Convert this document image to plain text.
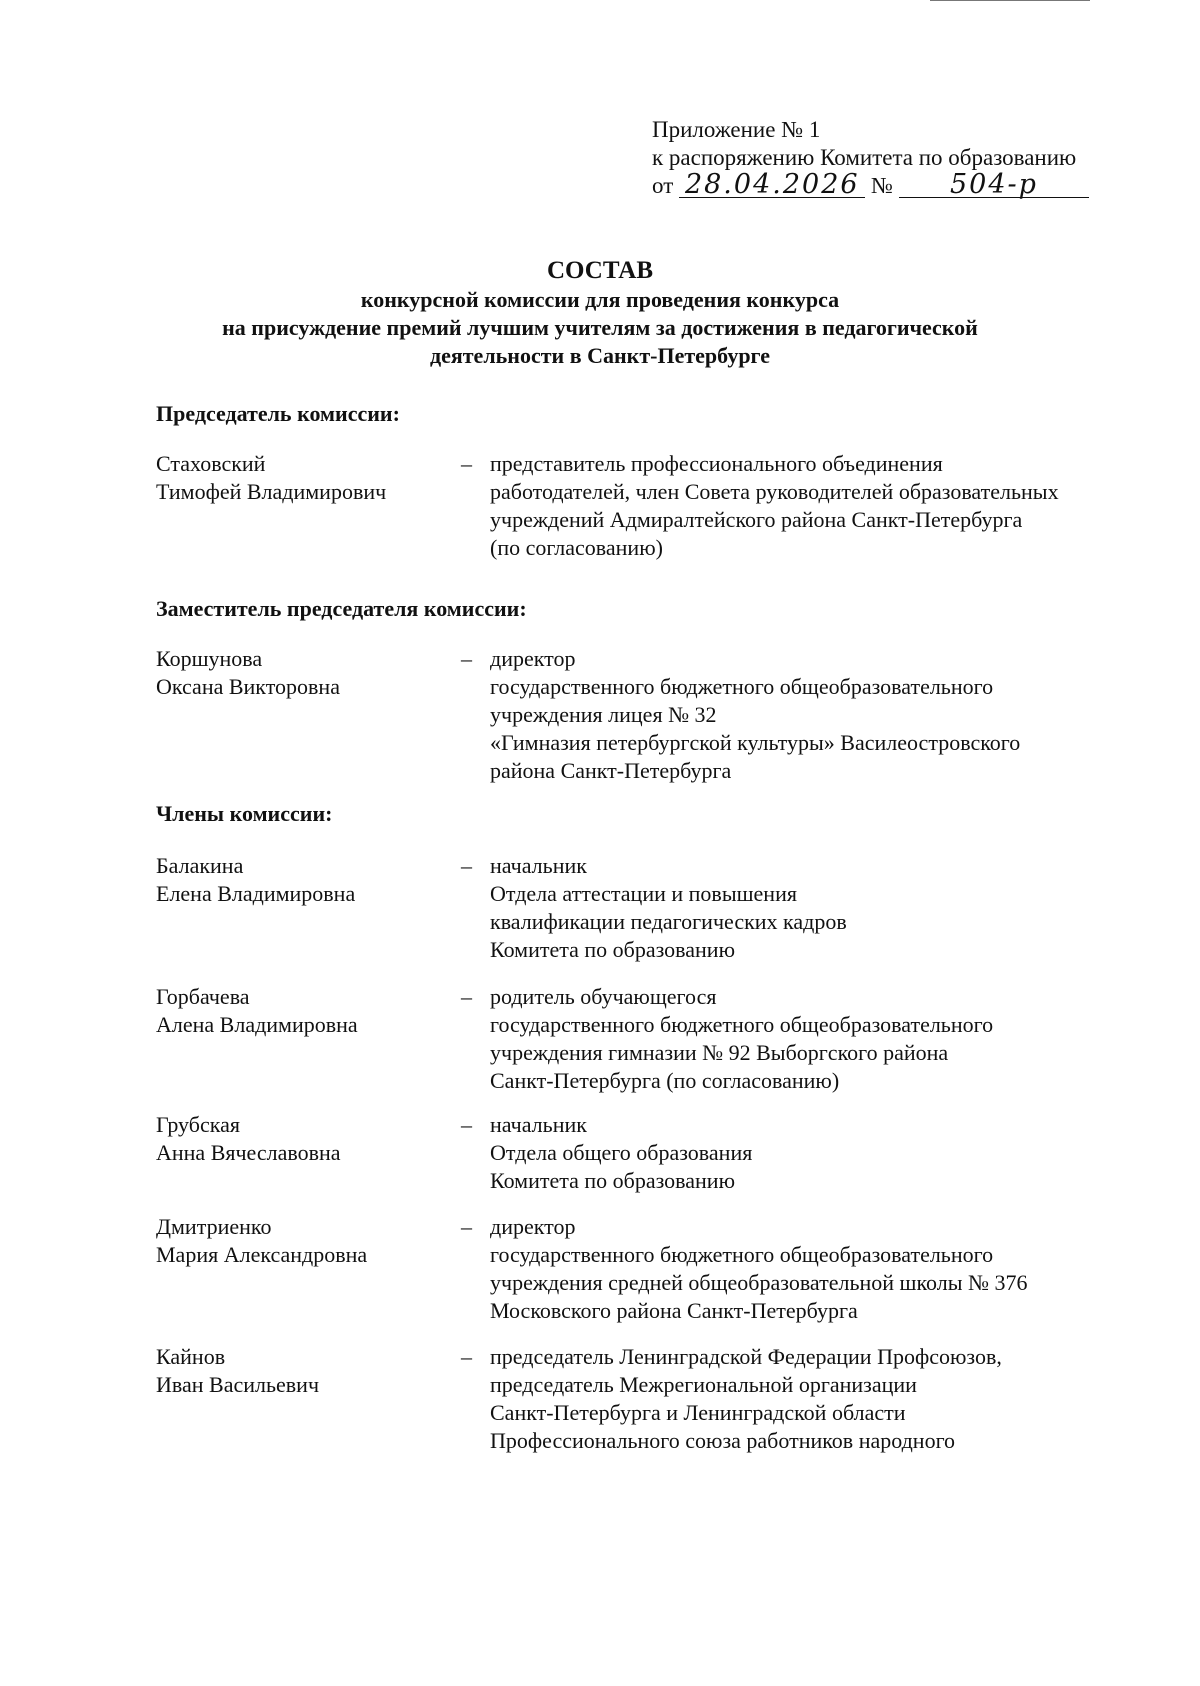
Приложение № 1
к распоряжению Комитета по образованию
от 28.04.2026 № 504-р
СОСТАВ
конкурсной комиссии для проведения конкурса
на присуждение премий лучшим учителям за достижения в педагогической
деятельности в Санкт-Петербурге
Председатель комиссии:
Стаховский
Тимофей Владимирович
– представитель профессионального объединения
работодателей, член Совета руководителей образовательных
учреждений Адмиралтейского района Санкт-Петербурга
(по согласованию)
Заместитель председателя комиссии:
Коршунова
Оксана Викторовна
– директор
государственного бюджетного общеобразовательного
учреждения лицея № 32
«Гимназия петербургской культуры» Василеостровского
района Санкт-Петербурга
Члены комиссии:
Балакина
Елена Владимировна
– начальник
Отдела аттестации и повышения
квалификации педагогических кадров
Комитета по образованию
Горбачева
Алена Владимировна
– родитель обучающегося
государственного бюджетного общеобразовательного
учреждения гимназии № 92 Выборгского района
Санкт-Петербурга (по согласованию)
Грубская
Анна Вячеславовна
– начальник
Отдела общего образования
Комитета по образованию
Дмитриенко
Мария Александровна
– директор
государственного бюджетного общеобразовательного
учреждения средней общеобразовательной школы № 376
Московского района Санкт-Петербурга
Кайнов
Иван Васильевич
– председатель Ленинградской Федерации Профсоюзов,
председатель Межрегиональной организации
Санкт-Петербурга и Ленинградской области
Профессионального союза работников народного
